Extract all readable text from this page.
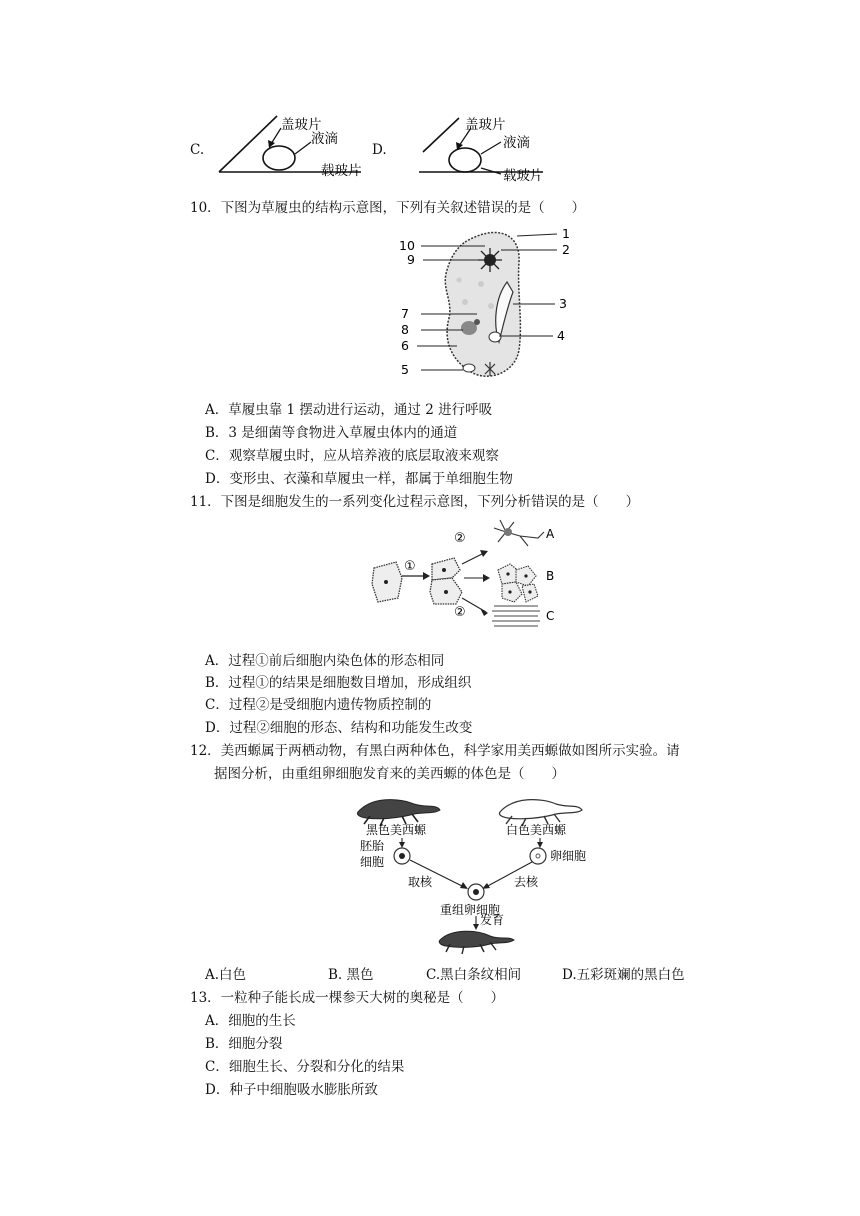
C.
盖玻片
液滴
载玻片
D.
盖玻片
液滴
载玻片
10．下图为草履虫的结构示意图，下列有关叙述错误的是（　　）
1
2
3
4
5
6
7
8
9
10
A．草履虫靠 1 摆动进行运动，通过 2 进行呼吸
B．3 是细菌等食物进入草履虫体内的通道
C．观察草履虫时，应从培养液的底层取液来观察
D．变形虫、衣藻和草履虫一样，都属于单细胞生物
11．下图是细胞发生的一系列变化过程示意图，下列分析错误的是（　　）
①
②
②
A
B
C
A．过程①前后细胞内染色体的形态相同
B．过程①的结果是细胞数目增加，形成组织
C．过程②是受细胞内遗传物质控制的
D．过程②细胞的形态、结构和功能发生改变
12．美西螈属于两栖动物，有黑白两种体色，科学家用美西螈做如图所示实验。请
据图分析，由重组卵细胞发育来的美西螈的体色是（　　）
黑色美西螈	白色美西螈
胚胎
细胞	卵细胞
取核	去核
重组卵细胞
发育
A.白色	B. 黑色	C.黑白条纹相间	D.五彩斑斓的黑白色
13．一粒种子能长成一棵参天大树的奥秘是（　　）
A．细胞的生长
B．细胞分裂
C．细胞生长、分裂和分化的结果
D．种子中细胞吸水膨胀所致
